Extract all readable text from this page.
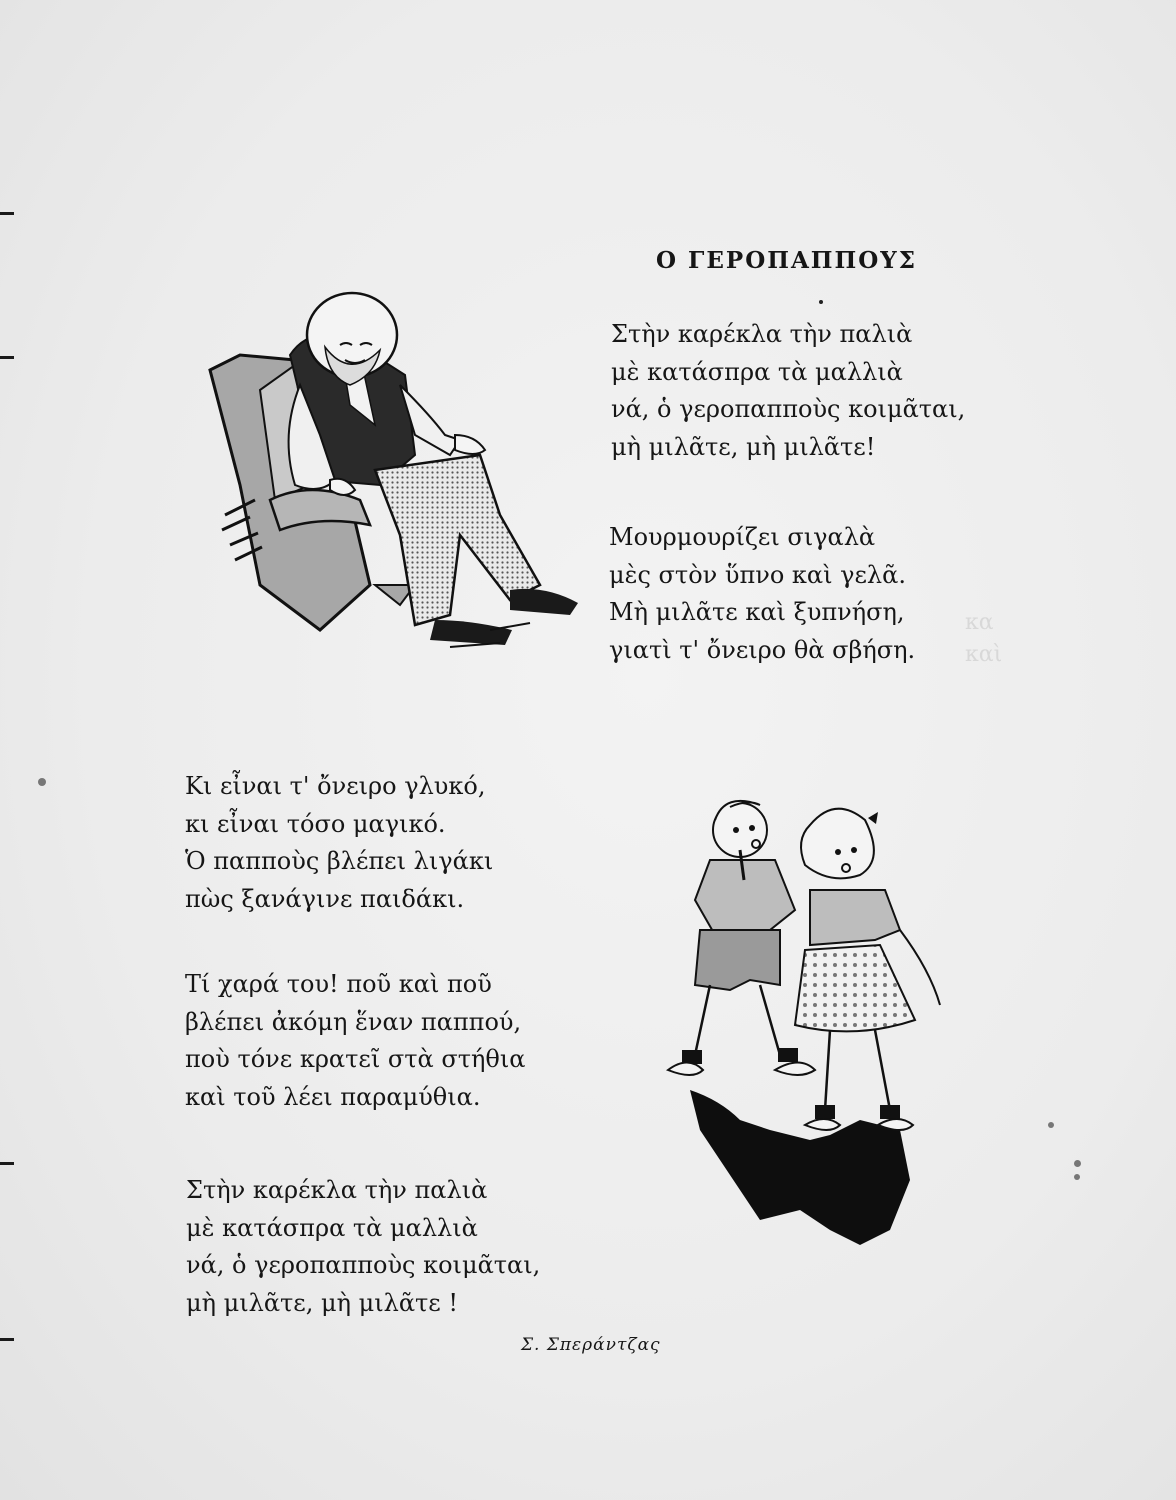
κα
καὶ
Ο ΓΕΡΟΠΑΠΠΟΥΣ
Στὴν καρέκλα τὴν παλιὰ
μὲ κατάσπρα τὰ μαλλιὰ
νά, ὁ γεροπαπποὺς κοιμᾶται,
μὴ μιλᾶτε, μὴ μιλᾶτε!
Μουρμουρίζει σιγαλὰ
μὲς στὸν ὕπνο καὶ γελᾶ.
Μὴ μιλᾶτε καὶ ξυπνήση,
γιατὶ τ' ὄνειρο θὰ σβήση.
Κι εἶναι τ' ὄνειρο γλυκό,
κι εἶναι τόσο μαγικό.
Ὁ παπποὺς βλέπει λιγάκι
πὼς ξανάγινε παιδάκι.
Τί χαρά του! ποῦ καὶ ποῦ
βλέπει ἀκόμη ἕναν παππού,
ποὺ τόνε κρατεῖ στὰ στήθια
καὶ τοῦ λέει παραμύθια.
Στὴν καρέκλα τὴν παλιὰ
μὲ κατάσπρα τὰ μαλλιὰ
νά, ὁ γεροπαπποὺς κοιμᾶται,
μὴ μιλᾶτε, μὴ μιλᾶτε !
Σ. Σπεράντζας
